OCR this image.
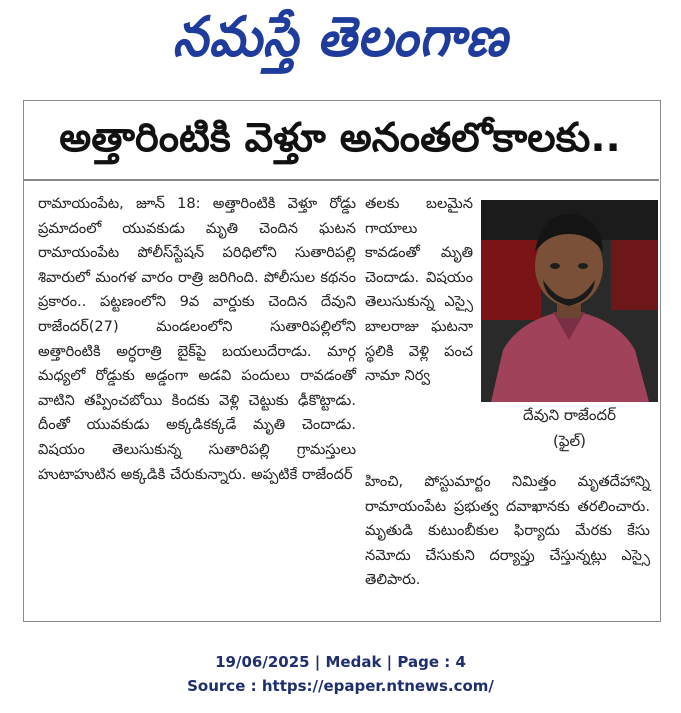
నమస్తే తెలంగాణ
అత్తారింటికి వెళ్తూ అనంతలోకాలకు..

రామాయంపేట, జూన్ 18: అత్తారింటికి వెళ్తూ రోడ్డు ప్రమాదంలో యువకుడు మృతి చెందిన ఘటన రామాయంపేట పోలీస్‌స్టేషన్ పరిధిలోని సుతారిపల్లి శివారులో మంగళ వారం రాత్రి జరిగింది. పోలీసుల కథనం ప్రకారం.. పట్టణంలోని 9వ వార్డుకు చెందిన దేవుని రాజేందర్(27) మండలంలోని సుతారిపల్లిలోని అత్తారింటికి అర్ధరాత్రి బైక్‌పై బయలుదేరాడు. మార్గ మధ్యలో రోడ్డుకు అడ్డంగా అడవి పందులు రావడంతో వాటిని తప్పించబోయి కిందకు వెళ్లి చెట్టుకు ఢీకొట్టాడు. దీంతో యువకుడు అక్కడికక్కడే మృతి చెందాడు. విషయం తెలుసుకున్న సుతారిపల్లి గ్రామస్తులు హుటాహుటిన అక్కడికి చేరుకున్నారు. అప్పటికే రాజేందర్

తలకు బలమైన గాయాలు కావడంతో మృతి చెందాడు. విషయం తెలుసుకున్న ఎస్సై బాలరాజు ఘటనా స్థలికి వెళ్లి పంచ నామా నిర్వ

దేవుని రాజేందర్
(ఫైల్)

హించి, పోస్టుమార్టం నిమిత్తం మృతదేహాన్ని రామాయంపేట ప్రభుత్వ దవాఖానకు తరలించారు. మృతుడి కుటుంబీకుల ఫిర్యాదు మేరకు కేసు నమోదు చేసుకుని దర్యాప్తు చేస్తున్నట్లు ఎస్సై తెలిపారు.

19/06/2025 | Medak | Page : 4
Source : https://epaper.ntnews.com/
